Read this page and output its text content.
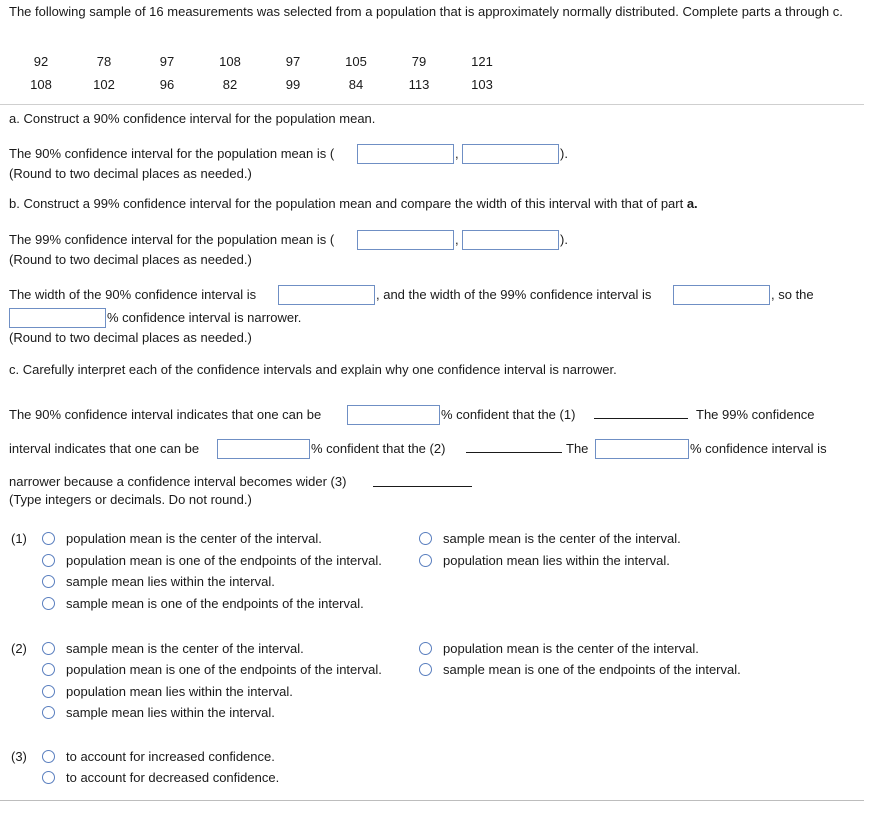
The following sample of 16 measurements was selected from a population that is approximately normally distributed. Complete parts a through c.
92	78	97	108	97	105	79	121
108	102	96	82	99	84	113	103
a. Construct a 90% confidence interval for the population mean.
The 90% confidence interval for the population mean is (	,	).
(Round to two decimal places as needed.)
b. Construct a 99% confidence interval for the population mean and compare the width of this interval with that of part a.
The 99% confidence interval for the population mean is (	,	).
(Round to two decimal places as needed.)
The width of the 90% confidence interval is	, and the width of the 99% confidence interval is	, so the
% confidence interval is narrower.
(Round to two decimal places as needed.)
c. Carefully interpret each of the confidence intervals and explain why one confidence interval is narrower.
The 90% confidence interval indicates that one can be	% confident that the (1)	The 99% confidence
interval indicates that one can be	% confident that the (2)	The	% confidence interval is
narrower because a confidence interval becomes wider (3)
(Type integers or decimals. Do not round.)
(1)	population mean is the center of the interval.
population mean is one of the endpoints of the interval.
sample mean lies within the interval.
sample mean is one of the endpoints of the interval.
sample mean is the center of the interval.
population mean lies within the interval.
(2)	sample mean is the center of the interval.
population mean is one of the endpoints of the interval.
population mean lies within the interval.
sample mean lies within the interval.
population mean is the center of the interval.
sample mean is one of the endpoints of the interval.
(3)	to account for increased confidence.
to account for decreased confidence.
